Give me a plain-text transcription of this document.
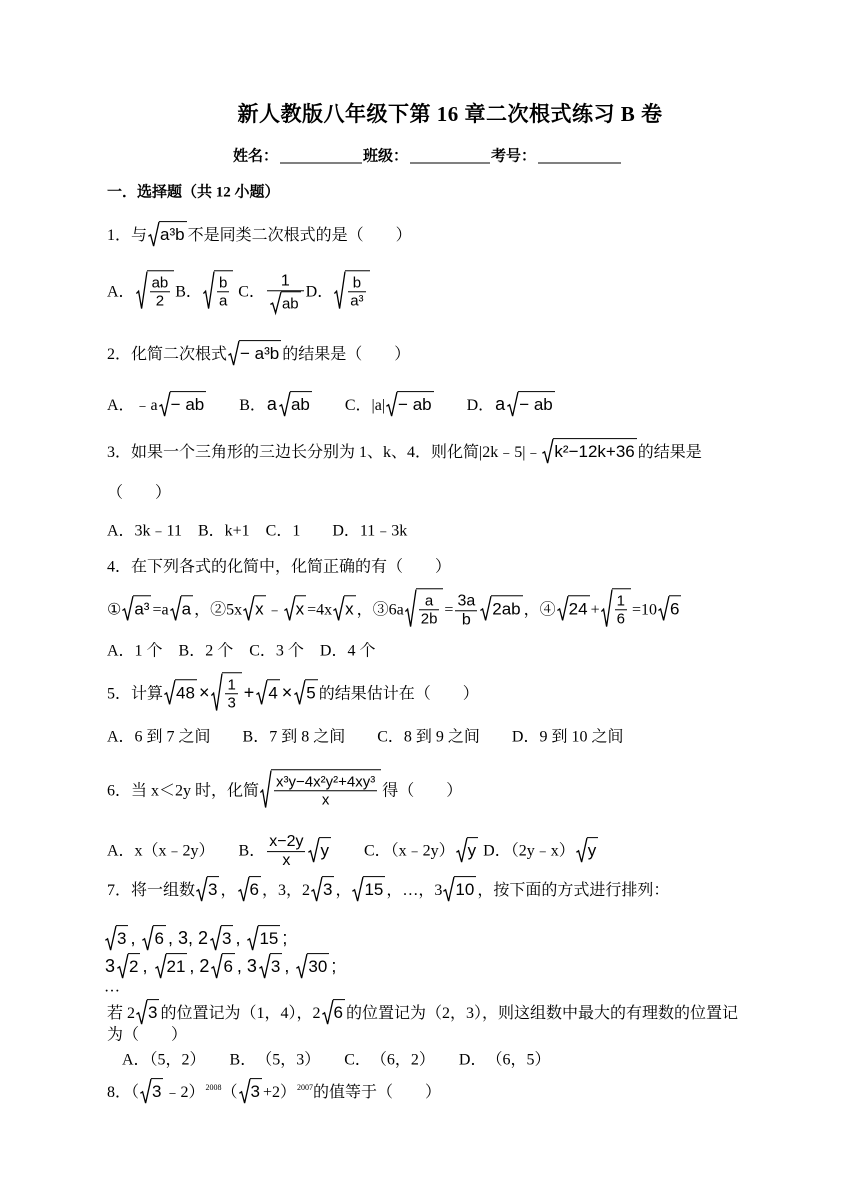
新人教版八年级下第 16 章二次根式练习 B 卷
姓名：	班级：	考号：
一．选择题（共 12 小题）
1．与 a³b 不是同类二次根式的是（　　）
A． $\frac{ab}{2}$ B． $\frac{b}{a}$ C． $\frac{1}{ab}$ D． $\frac{b}{\text{a³}}$
2．化简二次根式 − a³b 的结果是（　　）
A．﹣a − ab　　B．a ab　　C．|a| − ab　　D．a − ab
3．如果一个三角形的三边长分别为 1、k、4．则化简|2k﹣5|﹣ k²−12k+36 的结果是
（　　）
A．3k﹣11　B．k+1　C．1　　D．11﹣3k
4．在下列各式的化简中，化简正确的有（　　）
① a³ =a a ，②5x x ﹣ x =4x x ，③6a $\frac{a}{2b} = \frac{3a}{b} 2ab$ ，④ $24 + \frac{1}{6} =10$ 6
A．1 个　B．2 个　C．3 个　D．4 个
5．计算 $48 \times \frac{1}{3} + 4 \times 5$ 的结果估计在（　　）
A．6 到 7 之间　　B．7 到 8 之间　　C．8 到 9 之间　　D．9 到 10 之间
6．当 x＜2y 时，化简 $\frac{\text{x³y−4x²y²+4xy³}}{x}$ 得（　　）
A．x（x﹣2y）　　B． $\frac{x-2y}{x}$ y　　C．（x﹣2y） y D．（2y﹣x） y
7．将一组数 3 ， 6 ，3，2 3 ， 15 ，…，3 10 ，按下面的方式进行排列：
3 ,
6 , 3, 2 3 ,
15 ;
3 2 ,
21 , 2 6 , 3 3 ,
30 ;
…
若 2 3 的位置记为（1，4），2 6 的位置记为（2，3），则这组数中最大的有理数的位置记
为（　　）
A．（5，2）　　B．　（5，3）　　C．　（6，2）　　D．　（6，5）
8．（ 3 ﹣2）$^{2008}$（ 3 +2）$^{2007}$的值等于（　　）
